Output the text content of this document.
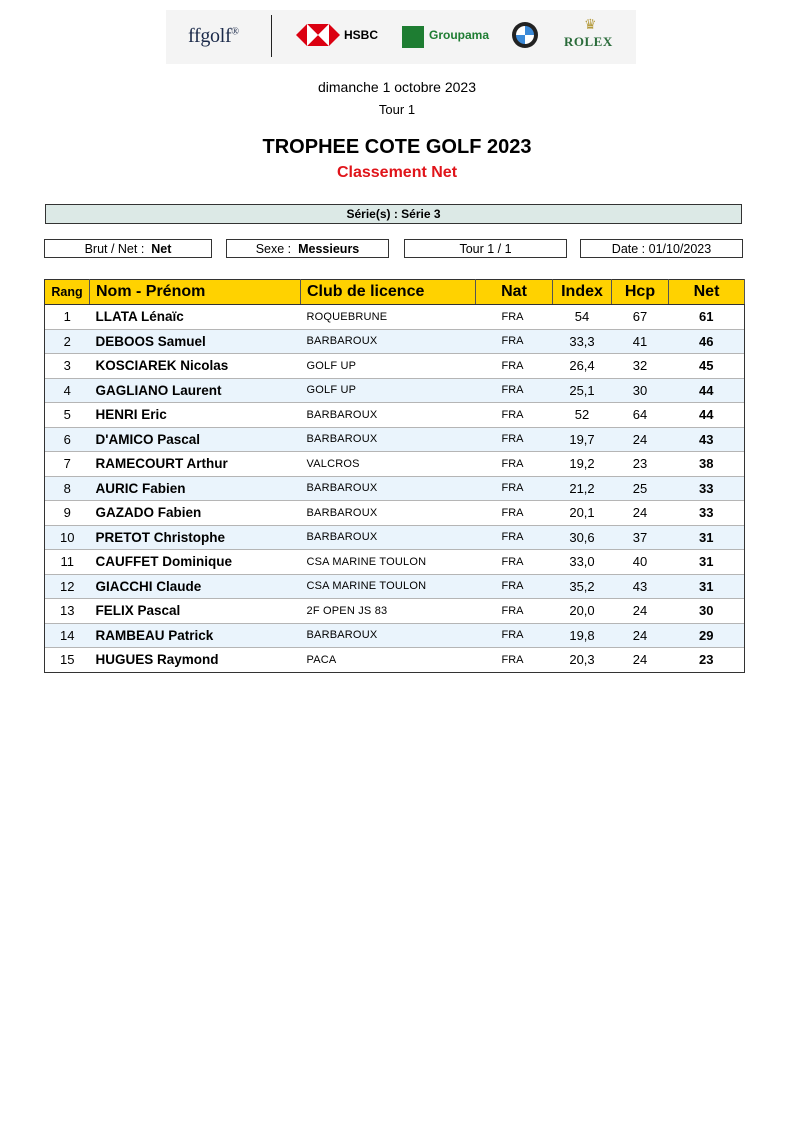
ffgolf®	HSBC	Groupama
♛
ROLEX
dimanche 1 octobre 2023
Tour 1
TROPHEE COTE GOLF 2023
Classement Net
Série(s) : Série 3
Brut / Net : Net	Sexe : Messieurs	Tour 1 / 1	Date : 01/10/2023
Rang	Nom - Prénom	Club de licence	Nat	Index	Hcp	Net
1	LLATA Lénaïc	ROQUEBRUNE	FRA	54	67	61
2	DEBOOS Samuel	BARBAROUX	FRA	33,3	41	46
3	KOSCIAREK Nicolas	GOLF UP	FRA	26,4	32	45
4	GAGLIANO Laurent	GOLF UP	FRA	25,1	30	44
5	HENRI Eric	BARBAROUX	FRA	52	64	44
6	D'AMICO Pascal	BARBAROUX	FRA	19,7	24	43
7	RAMECOURT Arthur	VALCROS	FRA	19,2	23	38
8	AURIC Fabien	BARBAROUX	FRA	21,2	25	33
9	GAZADO Fabien	BARBAROUX	FRA	20,1	24	33
10	PRETOT Christophe	BARBAROUX	FRA	30,6	37	31
11	CAUFFET Dominique	CSA MARINE TOULON	FRA	33,0	40	31
12	GIACCHI Claude	CSA MARINE TOULON	FRA	35,2	43	31
13	FELIX Pascal	2F OPEN JS 83	FRA	20,0	24	30
14	RAMBEAU Patrick	BARBAROUX	FRA	19,8	24	29
15	HUGUES Raymond	PACA	FRA	20,3	24	23
